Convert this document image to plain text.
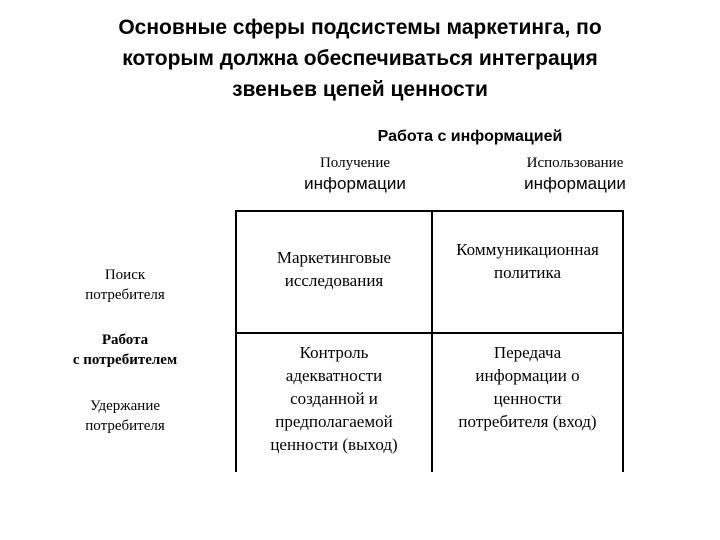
Основные сферы подсистемы маркетинга, по
которым должна обеспечиваться интеграция
звеньев цепей ценности
Работа с информацией
Получение
информации
Использование
информации
Поиск
потребителя
Работа
с потребителем
Удержание
потребителя
Маркетинговые
исследования
Коммуникационная
политика
Контроль
адекватности
созданной и
предполагаемой
ценности (выход)
Передача
информации о
ценности
потребителя (вход)
